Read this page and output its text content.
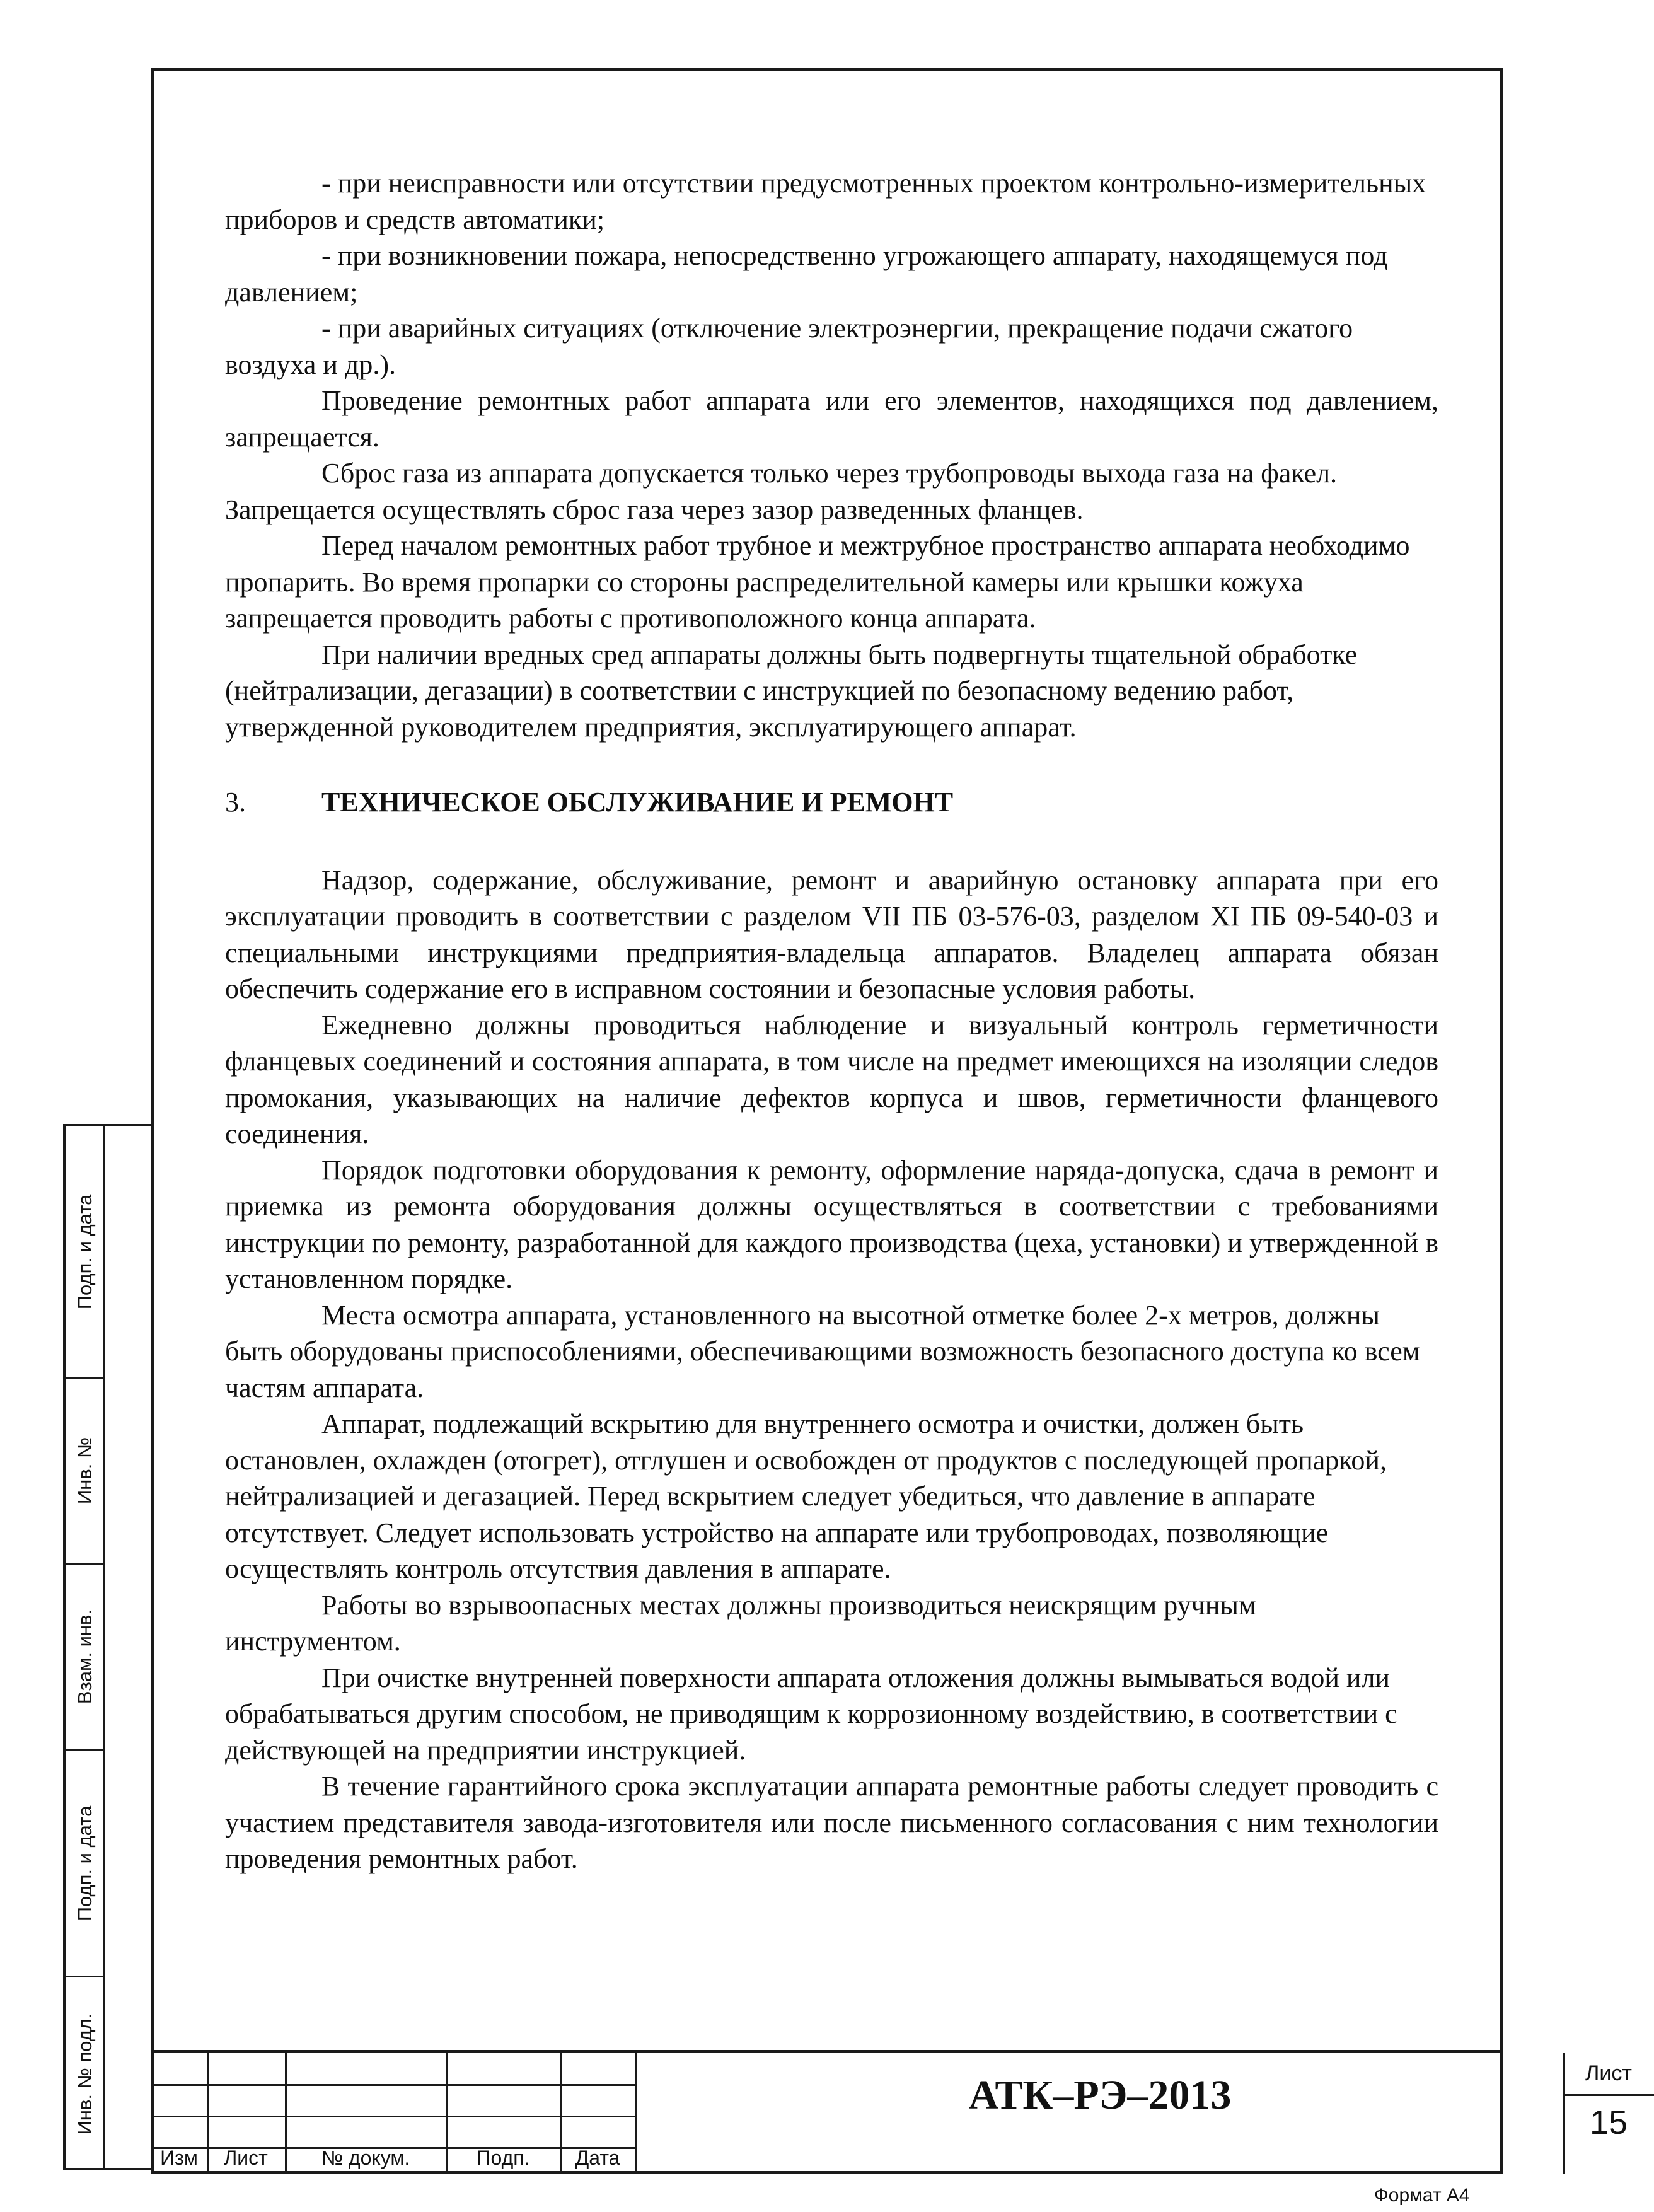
- при неисправности или отсутствии предусмотренных проектом контрольно-измерительных приборов и средств автоматики;

- при возникновении пожара, непосредственно угрожающего аппарату, находящемуся под давлением;

- при аварийных ситуациях (отключение электроэнергии, прекращение подачи сжатого воздуха и др.).

Проведение ремонтных работ аппарата или его элементов, находящихся под давлением, запрещается.

Сброс газа из аппарата допускается только через трубопроводы выхода газа на факел. Запрещается осуществлять сброс газа через зазор разведенных фланцев.

Перед началом ремонтных работ трубное и межтрубное пространство аппарата необходимо пропарить. Во время пропарки со стороны распределительной камеры или крышки кожуха запрещается проводить работы с противоположного конца аппарата.

При наличии вредных сред аппараты должны быть подвергнуты тщательной обработке (нейтрализации, дегазации) в соответствии с инструкцией по безопасному ведению работ, утвержденной руководителем предприятия, эксплуатирующего аппарат.

3.	ТЕХНИЧЕСКОЕ ОБСЛУЖИВАНИЕ И РЕМОНТ

Надзор, содержание, обслуживание, ремонт и аварийную остановку аппарата при его эксплуатации проводить в соответствии с разделом VII ПБ 03-576-03, разделом XI ПБ 09-540-03 и специальными инструкциями предприятия-владельца аппаратов. Владелец аппарата обязан обеспечить содержание его в исправном состоянии и безопасные условия работы.

Ежедневно должны проводиться наблюдение и визуальный контроль герметичности фланцевых соединений и состояния аппарата, в том числе на предмет имеющихся на изоляции следов промокания, указывающих на наличие дефектов корпуса и швов, герметичности фланцевого соединения.

Порядок подготовки оборудования к ремонту, оформление наряда-допуска, сдача в ремонт и приемка из ремонта оборудования должны осуществляться в соответствии с требованиями инструкции по ремонту, разработанной для каждого производства (цеха, установки) и утвержденной в установленном порядке.

Места осмотра аппарата, установленного на высотной отметке более 2-х метров, должны быть оборудованы приспособлениями, обеспечивающими возможность безопасного доступа ко всем частям аппарата.

Аппарат, подлежащий вскрытию для внутреннего осмотра и очистки, должен быть остановлен, охлажден (отогрет), отглушен и освобожден от продуктов с последующей пропаркой, нейтрализацией и дегазацией. Перед вскрытием следует убедиться, что давление в аппарате отсутствует. Следует использовать устройство на аппарате или трубопроводах, позволяющие осуществлять контроль отсутствия давления в аппарате.

Работы во взрывоопасных местах должны производиться неискрящим ручным инструментом.

При очистке внутренней поверхности аппарата отложения должны вымываться водой или обрабатываться другим способом, не приводящим к коррозионному воздействию, в соответствии с действующей на предприятии инструкцией.

В течение гарантийного срока эксплуатации аппарата ремонтные работы следует проводить с участием представителя завода-изготовителя или после письменного согласования с ним технологии проведения ремонтных работ.

Подп. и дата
Инв. №
Взам. инв.
Подп. и дата
Инв. № подл.
Изм	Лист	№ докум.	Подп.	Дата
АТК–РЭ–2013	Лист
15
Формат А4
